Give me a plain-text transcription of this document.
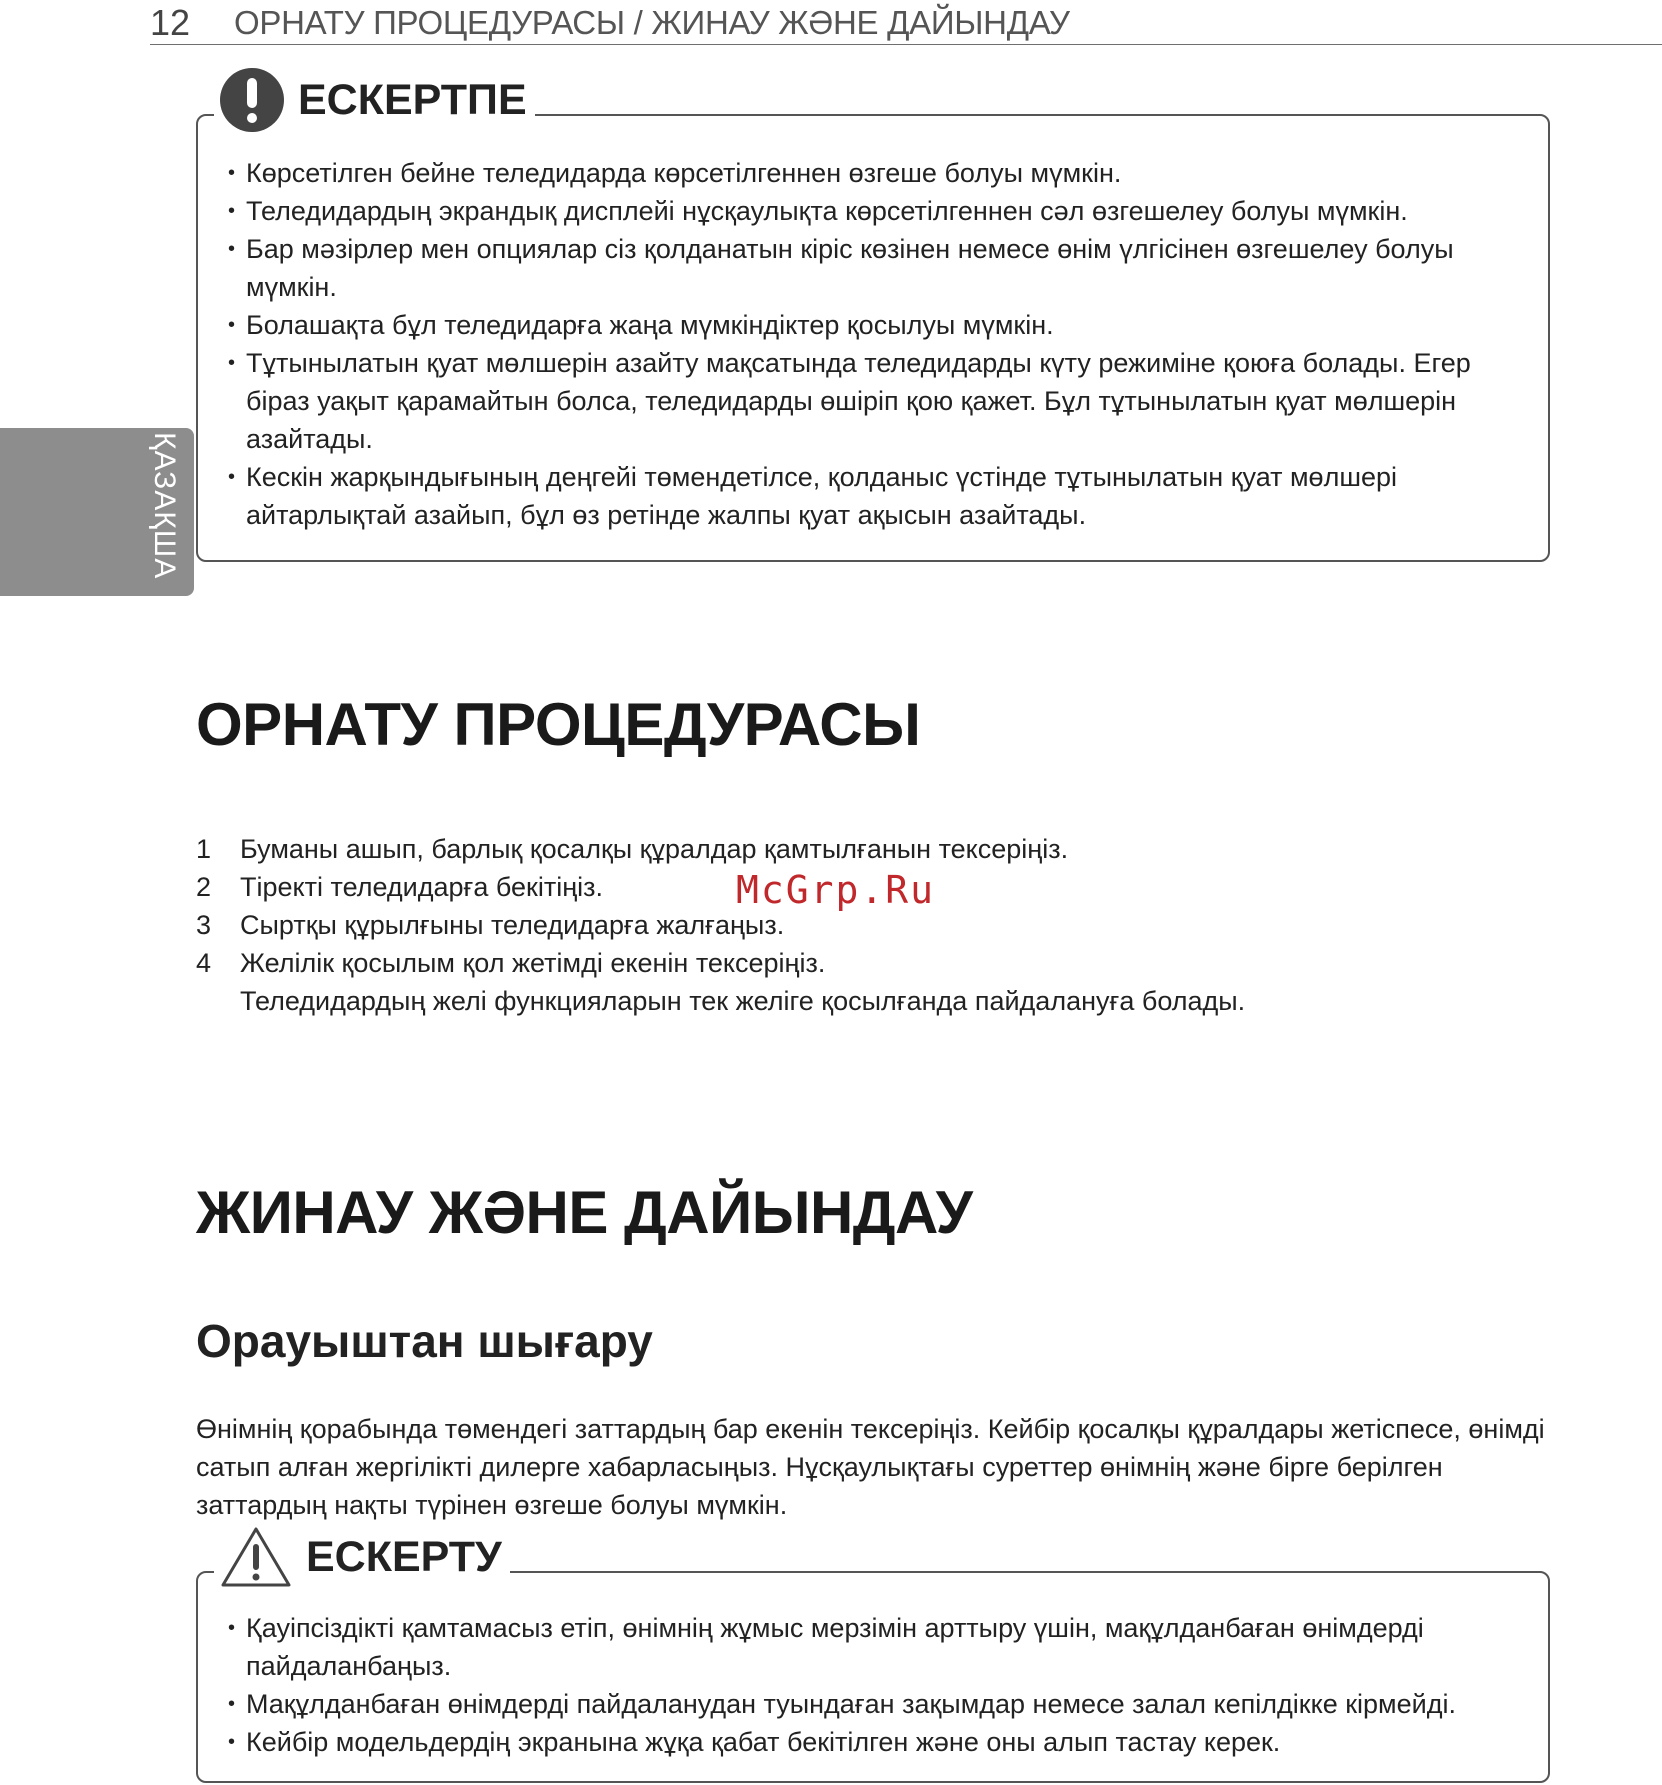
12 ОРНАТУ ПРОЦЕДУРАСЫ / ЖИНАУ ЖӘНЕ ДАЙЫНДАУ
ҚАЗАҚША
• Көрсетілген бейне теледидарда көрсетілгеннен өзгеше болуы мүмкін.
• Теледидардың экрандық дисплейі нұсқаулықта көрсетілгеннен сәл өзгешелеу болуы мүмкін.
• Бар мәзірлер мен опциялар сіз қолданатын кіріс көзінен немесе өнім үлгісінен өзгешелеу болуы мүмкін.
• Болашақта бұл теледидарға жаңа мүмкіндіктер қосылуы мүмкін.
• Тұтынылатын қуат мөлшерін азайту мақсатында теледидарды күту режиміне қоюға болады. Егер біраз уақыт қарамайтын болса, теледидарды өшіріп қою қажет. Бұл тұтынылатын қуат мөлшерін азайтады.
• Кескін жарқындығының деңгейі төмендетілсе, қолданыс үстінде тұтынылатын қуат мөлшері айтарлықтай азайып, бұл өз ретінде жалпы қуат ақысын азайтады.
ЕСКЕРТПЕ
ОРНАТУ ПРОЦЕДУРАСЫ
1	Буманы ашып, барлық қосалқы құралдар қамтылғанын тексеріңіз.
2	Тіректі теледидарға бекітіңіз.
3	Сыртқы құрылғыны теледидарға жалғаңыз.
4	Желілік қосылым қол жетімді екенін тексеріңіз.
Теледидардың желі функцияларын тек желіге қосылғанда пайдалануға болады.
McGrp.Ru
ЖИНАУ ЖӘНЕ ДАЙЫНДАУ
Орауыштан шығару

Өнімнің қорабында төмендегі заттардың бар екенін тексеріңіз. Кейбір қосалқы құралдары жетіспесе, өнімді сатып алған жергілікті дилерге хабарласыңыз. Нұсқаулықтағы суреттер өнімнің және бірге берілген заттардың нақты түрінен өзгеше болуы мүмкін.

• Қауіпсіздікті қамтамасыз етіп, өнімнің жұмыс мерзімін арттыру үшін, мақұлданбаған өнімдерді пайдаланбаңыз.
• Мақұлданбаған өнімдерді пайдаланудан туындаған зақымдар немесе залал кепілдікке кірмейді.
• Кейбір модельдердің экранына жұқа қабат бекітілген және оны алып тастау керек.
ЕСКЕРТУ
